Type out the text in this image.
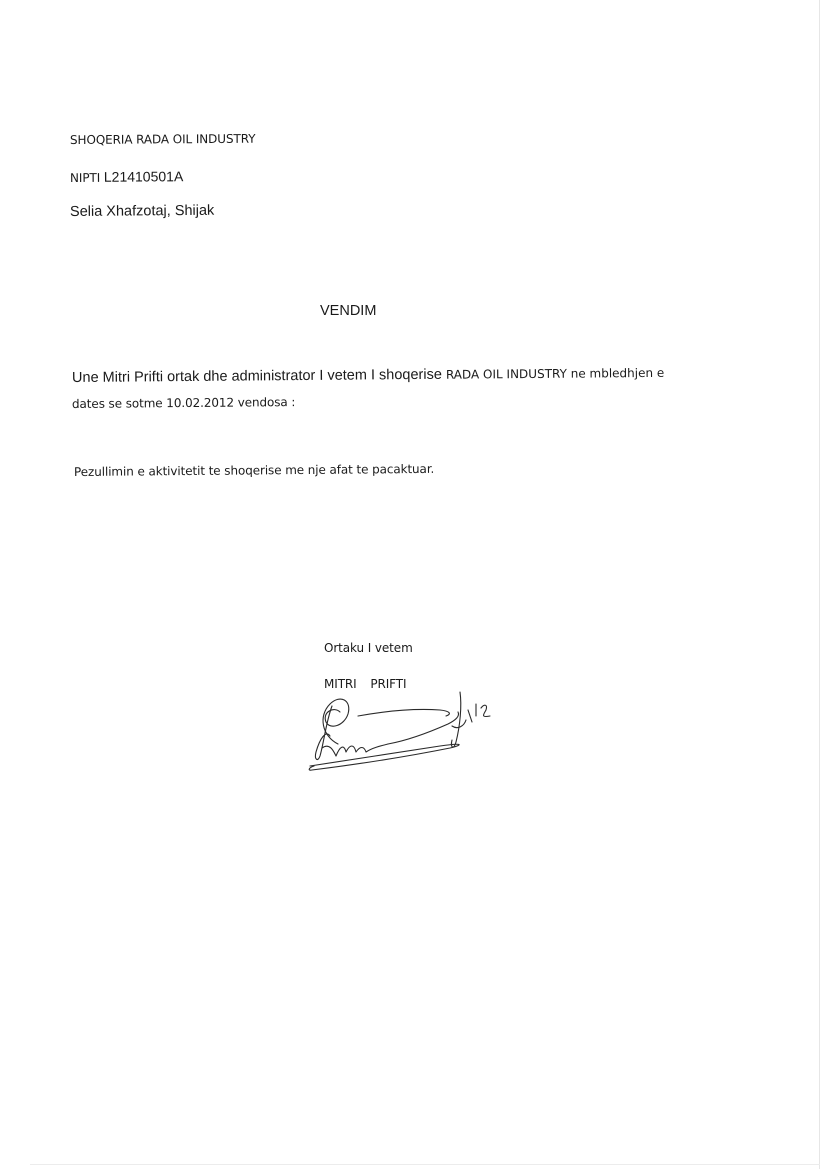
SHOQERIA RADA OIL INDUSTRY
NIPTI L21410501A
Selia Xhafzotaj, Shijak
VENDIM
Une Mitri Prifti ortak dhe administrator I vetem I shoqerise RADA OIL INDUSTRY ne mbledhjen e
dates se sotme 10.02.2012 vendosa :
Pezullimin e aktivitetit te shoqerise me nje afat te pacaktuar.
Ortaku I vetem
MITRI PRIFTI
